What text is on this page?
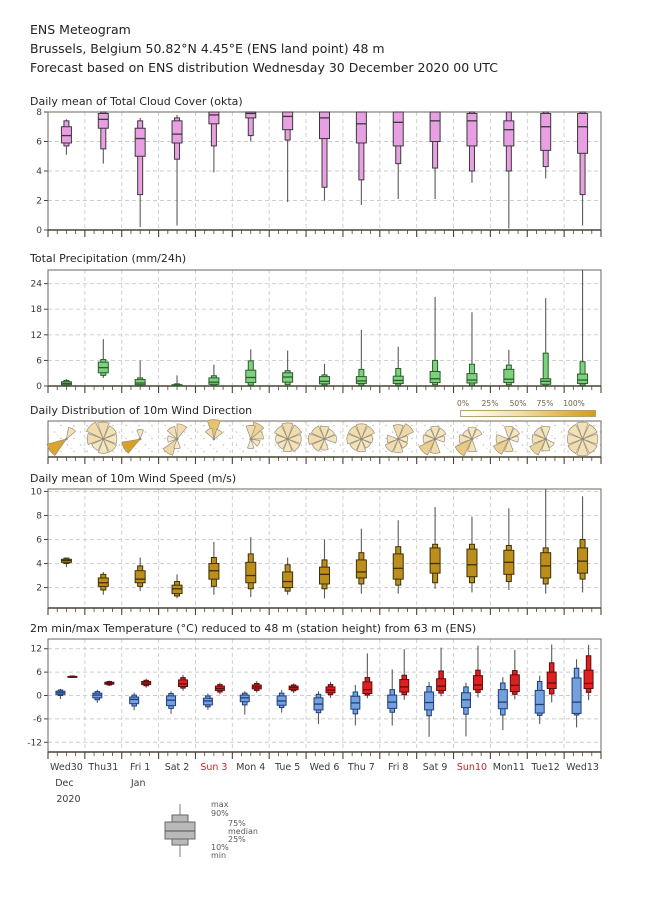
ENS Meteogram
Brussels, Belgium 50.82°N 4.45°E (ENS land point) 48 m
Forecast based on ENS distribution Wednesday 30 December 2020 00 UTC
Daily mean of Total Cloud Cover (okta)
Total Precipitation (mm/24h)
Daily Distribution of 10m Wind Direction
Daily mean of 10m Wind Speed (m/s)
2m min/max Temperature (°C) reduced to 48 m (station height) from 63 m (ENS)
0% 25% 50% 75% 100%
max
90%
75%
median
25%
10%
min
0
2
4
6
8
0
6
12
18
24
2
4
6
8
10
-12
-6
0
6
12
Wed30 Thu31 Fri 1 Sat 2 Sun 3 Mon 4 Tue 5 Wed 6 Thu 7 Fri 8 Sat 9 Sun10 Mon11 Tue12 Wed13
Dec	Jan
2020
